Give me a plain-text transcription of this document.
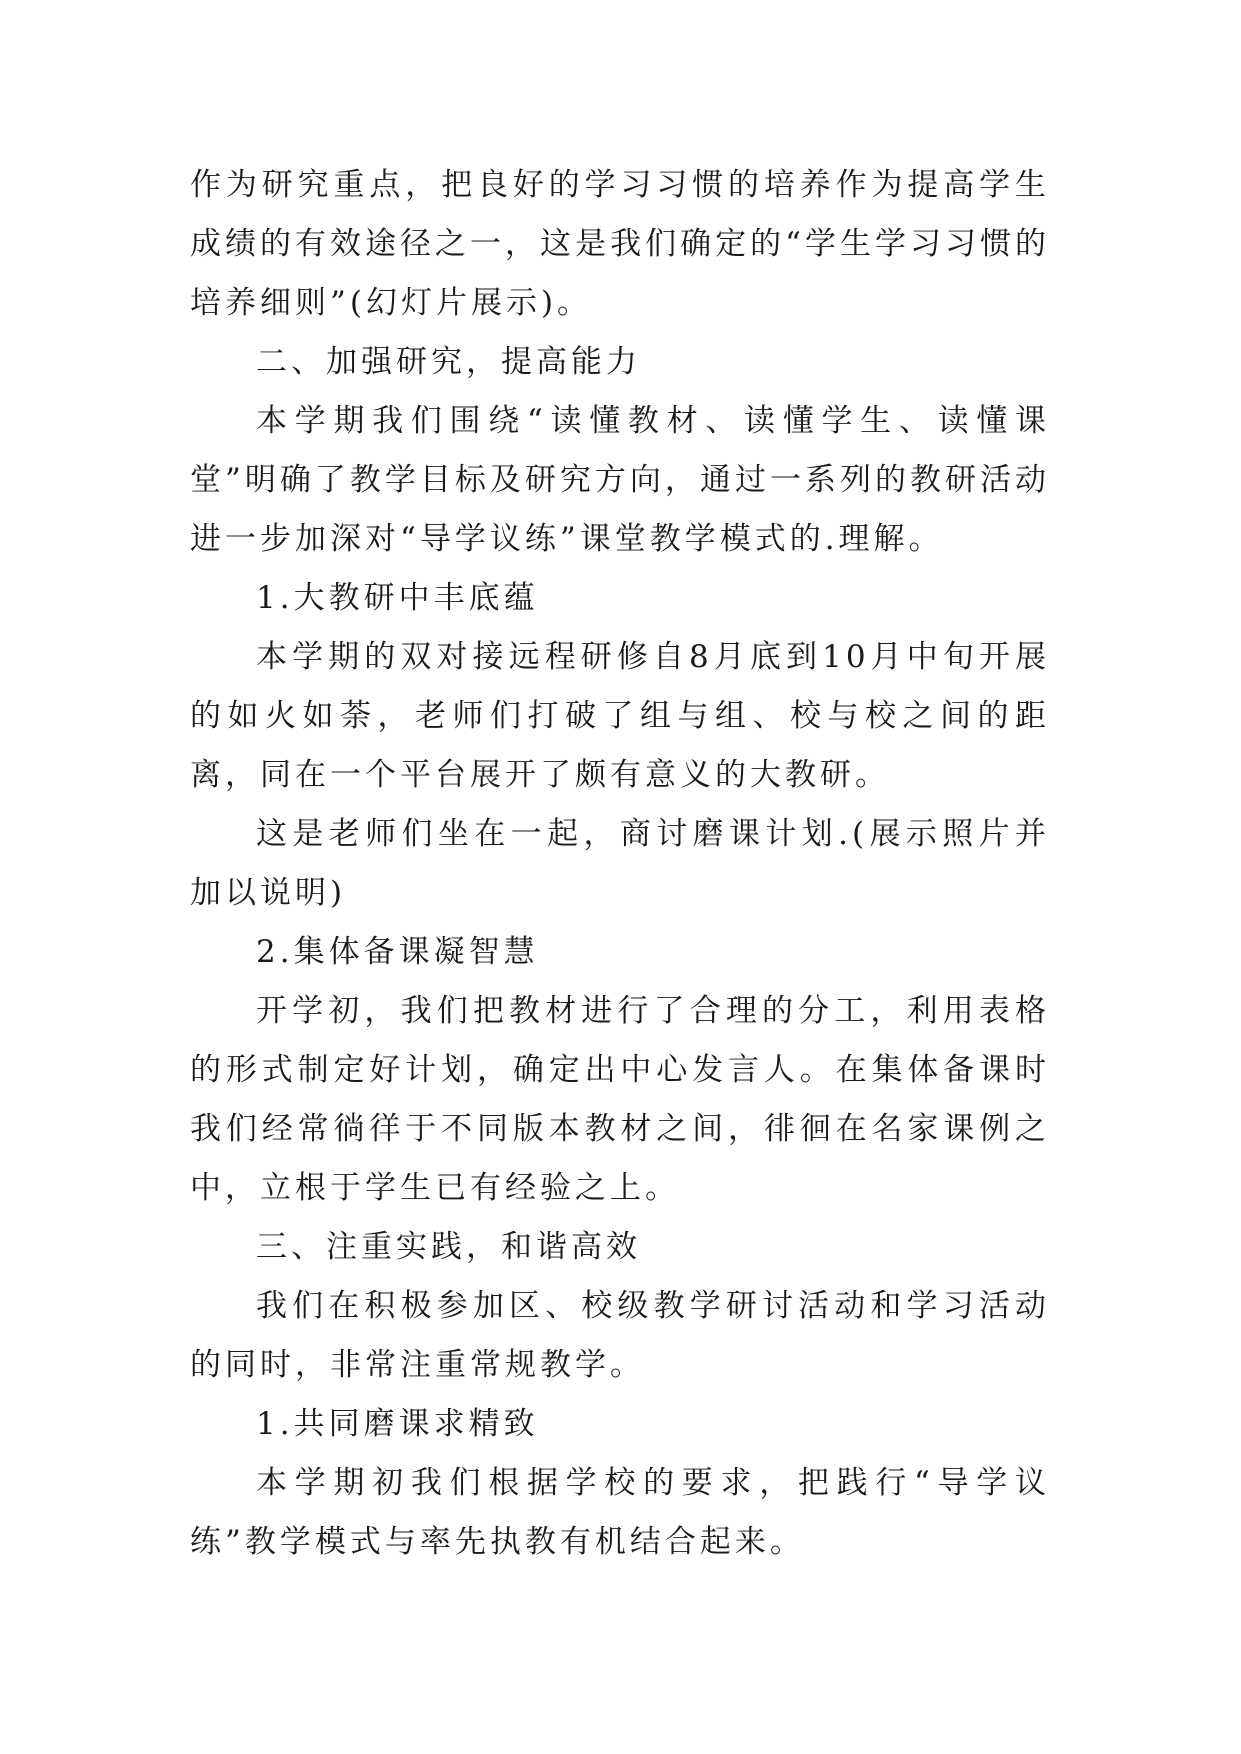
作为研究重点，把良好的学习习惯的培养作为提高学生成绩的有效途径之一，这是我们确定的“学生学习习惯的培养细则”(幻灯片展示)。

二、加强研究，提高能力

本学期我们围绕“读懂教材、读懂学生、读懂课堂”明确了教学目标及研究方向，通过一系列的教研活动进一步加深对“导学议练”课堂教学模式的.理解。

1.大教研中丰底蕴

本学期的双对接远程研修自8月底到10月中旬开展的如火如荼，老师们打破了组与组、校与校之间的距离，同在一个平台展开了颇有意义的大教研。

这是老师们坐在一起，商讨磨课计划.(展示照片并加以说明)

2.集体备课凝智慧

开学初，我们把教材进行了合理的分工，利用表格的形式制定好计划，确定出中心发言人。在集体备课时我们经常徜徉于不同版本教材之间，徘徊在名家课例之中，立根于学生已有经验之上。

三、注重实践，和谐高效

我们在积极参加区、校级教学研讨活动和学习活动的同时，非常注重常规教学。

1.共同磨课求精致

本学期初我们根据学校的要求，把践行“导学议练”教学模式与率先执教有机结合起来。
